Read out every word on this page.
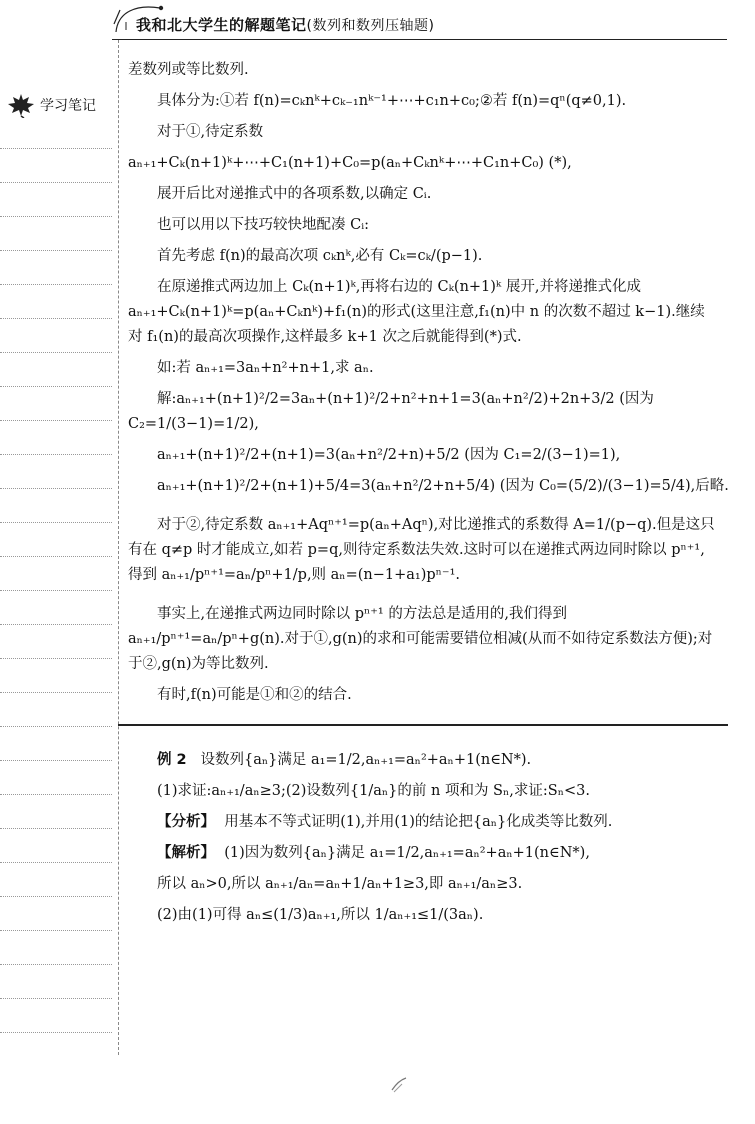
我和北大学生的解题笔记(数列和数列压轴题)
学习笔记

差数列或等比数列.

具体分为:①若 f(n)=cₖnᵏ+cₖ₋₁nᵏ⁻¹+⋯+c₁n+c₀;②若 f(n)=qⁿ(q≠0,1).

对于①,待定系数

aₙ₊₁+Cₖ(n+1)ᵏ+⋯+C₁(n+1)+C₀=p(aₙ+Cₖnᵏ+⋯+C₁n+C₀) (*),

展开后比对递推式中的各项系数,以确定 Cᵢ.

也可以用以下技巧较快地配凑 Cᵢ:

首先考虑 f(n)的最高次项 cₖnᵏ,必有 Cₖ=cₖ/(p−1).

在原递推式两边加上 Cₖ(n+1)ᵏ,再将右边的 Cₖ(n+1)ᵏ 展开,并将递推式化成 aₙ₊₁+Cₖ(n+1)ᵏ=p(aₙ+Cₖnᵏ)+f₁(n)的形式(这里注意,f₁(n)中 n 的次数不超过 k−1).继续对 f₁(n)的最高次项操作,这样最多 k+1 次之后就能得到(*)式.

如:若 aₙ₊₁=3aₙ+n²+n+1,求 aₙ.

解:aₙ₊₁+(n+1)²/2=3aₙ+(n+1)²/2+n²+n+1=3(aₙ+n²/2)+2n+3/2 (因为 C₂=1/(3−1)=1/2),

aₙ₊₁+(n+1)²/2+(n+1)=3(aₙ+n²/2+n)+5/2 (因为 C₁=2/(3−1)=1),

aₙ₊₁+(n+1)²/2+(n+1)+5/4=3(aₙ+n²/2+n+5/4) (因为 C₀=(5/2)/(3−1)=5/4),后略.

对于②,待定系数 aₙ₊₁+Aqⁿ⁺¹=p(aₙ+Aqⁿ),对比递推式的系数得 A=1/(p−q).但是这只有在 q≠p 时才能成立,如若 p=q,则待定系数法失效.这时可以在递推式两边同时除以 pⁿ⁺¹,得到 aₙ₊₁/pⁿ⁺¹=aₙ/pⁿ+1/p,则 aₙ=(n−1+a₁)pⁿ⁻¹.

事实上,在递推式两边同时除以 pⁿ⁺¹ 的方法总是适用的,我们得到 aₙ₊₁/pⁿ⁺¹=aₙ/pⁿ+g(n).对于①,g(n)的求和可能需要错位相减(从而不如待定系数法方便);对于②,g(n)为等比数列.

有时,f(n)可能是①和②的结合.

例 2 设数列{aₙ}满足 a₁=1/2,aₙ₊₁=aₙ²+aₙ+1(n∈N*).

(1)求证:aₙ₊₁/aₙ≥3;(2)设数列{1/aₙ}的前 n 项和为 Sₙ,求证:Sₙ<3.

【分析】 用基本不等式证明(1),并用(1)的结论把{aₙ}化成类等比数列.

【解析】 (1)因为数列{aₙ}满足 a₁=1/2,aₙ₊₁=aₙ²+aₙ+1(n∈N*),

所以 aₙ>0,所以 aₙ₊₁/aₙ=aₙ+1/aₙ+1≥3,即 aₙ₊₁/aₙ≥3.

(2)由(1)可得 aₙ≤(1/3)aₙ₊₁,所以 1/aₙ₊₁≤1/(3aₙ).
